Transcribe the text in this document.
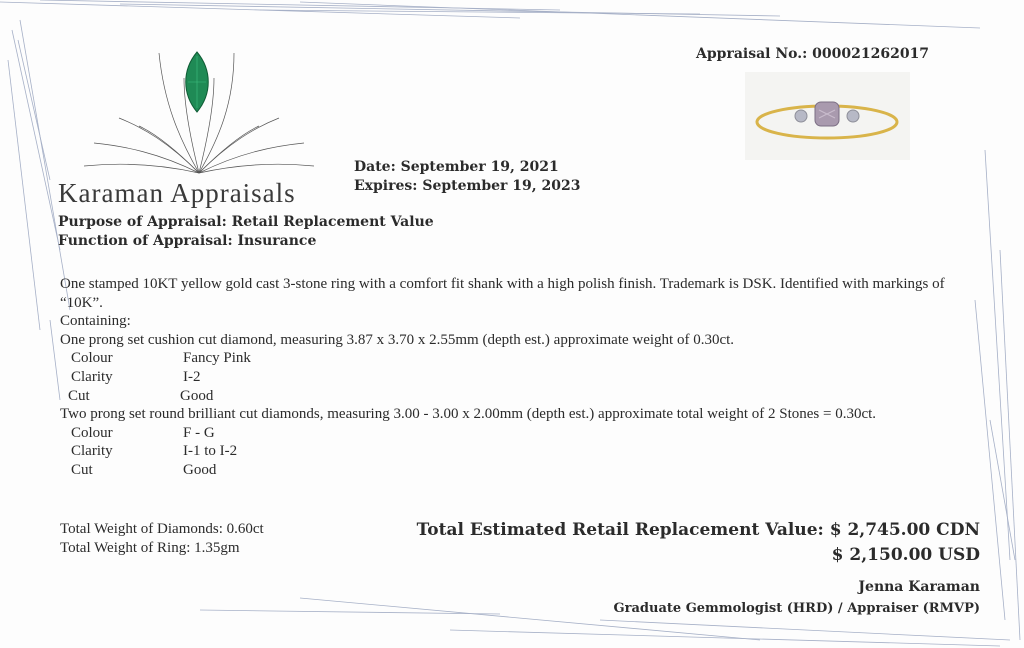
Karaman Appraisals
Appraisal No.: 000021262017
Date: September 19, 2021
Expires: September 19, 2023
Purpose of Appraisal: Retail Replacement Value
Function of Appraisal: Insurance

One stamped 10KT yellow gold cast 3-stone ring with a comfort fit shank with a high polish finish. Trademark is DSK. Identified with markings of “10K”.

Containing:

One prong set cushion cut diamond, measuring 3.87 x 3.70 x 2.55mm (depth est.) approximate weight of 0.30ct.

Colour	Fancy Pink
Clarity	I-2
Cut	Good

Two prong set round brilliant cut diamonds, measuring 3.00 - 3.00 x 2.00mm (depth est.) approximate total weight of 2 Stones = 0.30ct.

Colour	F - G
Clarity	I-1 to I-2
Cut	Good
Total Weight of Diamonds: 0.60ct
Total Weight of Ring: 1.35gm
Total Estimated Retail Replacement Value: $ 2,745.00 CDN
$ 2,150.00 USD
Jenna Karaman
Graduate Gemmologist (HRD) / Appraiser (RMVP)
